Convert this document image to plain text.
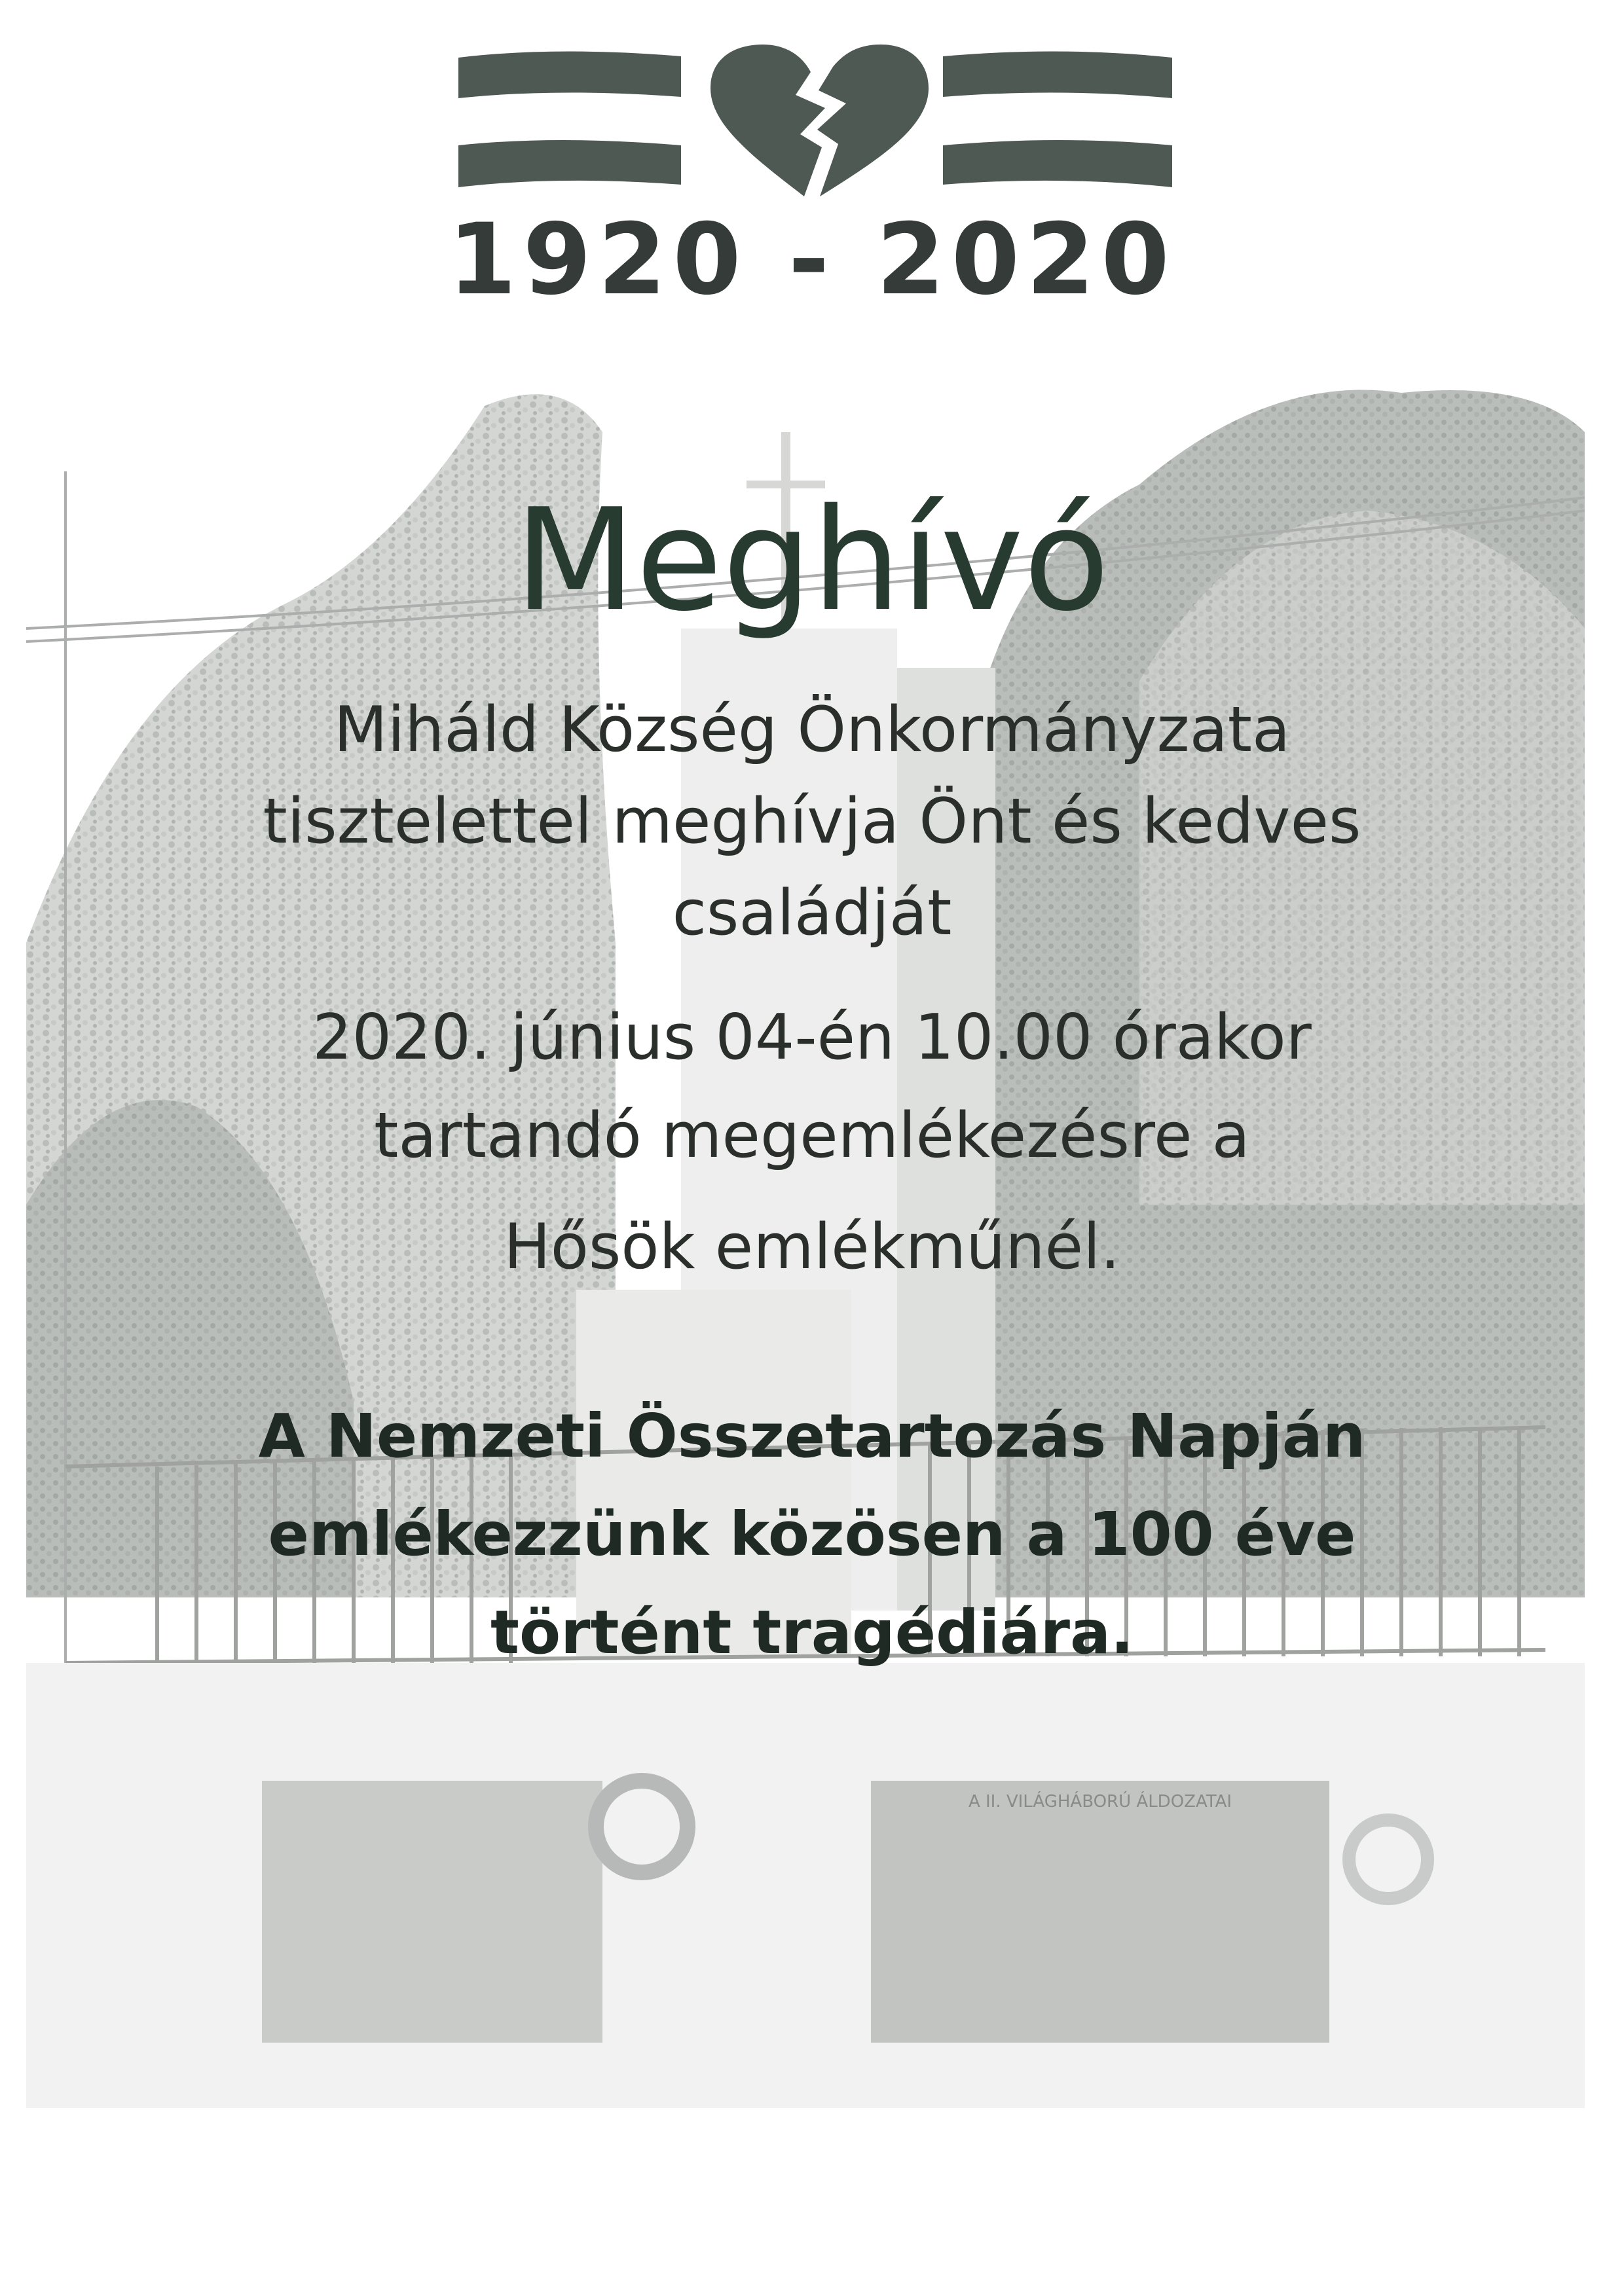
1920 - 2020
A II. VILÁGHÁBORÚ ÁLDOZATAI
Meghívó
Miháld Község Önkormányzata
tisztelettel meghívja Önt és kedves
családját
2020. június 04-én 10.00 órakor
tartandó megemlékezésre a
Hősök emlékműnél.
A Nemzeti Összetartozás Napján
emlékezzünk közösen a 100 éve
történt tragédiára.
